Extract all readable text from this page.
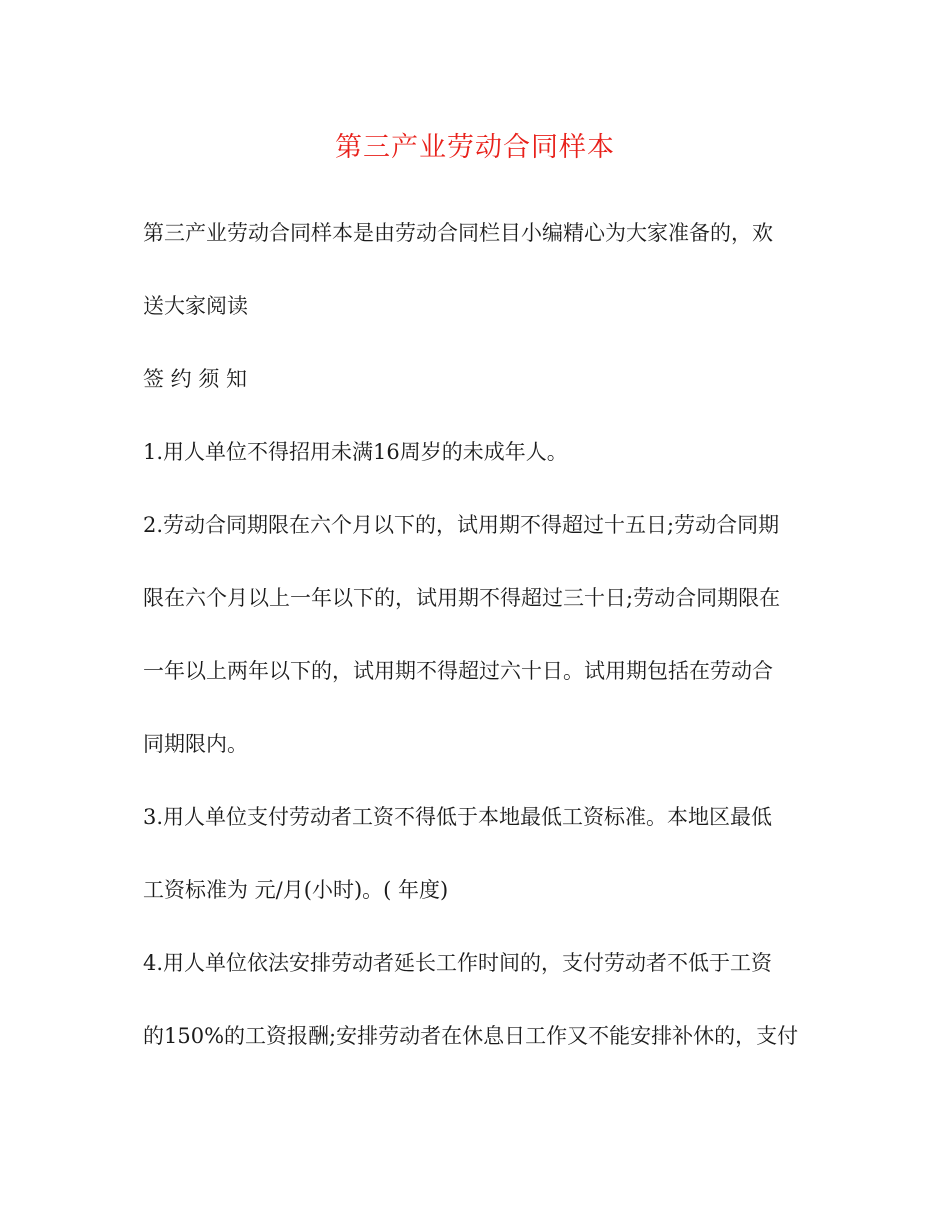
第三产业劳动合同样本
第三产业劳动合同样本是由劳动合同栏目小编精心为大家准备的，欢
送大家阅读
签 约 须 知
1.用人单位不得招用未满16周岁的未成年人。
2.劳动合同期限在六个月以下的，试用期不得超过十五日;劳动合同期
限在六个月以上一年以下的，试用期不得超过三十日;劳动合同期限在
一年以上两年以下的，试用期不得超过六十日。试用期包括在劳动合
同期限内。
3.用人单位支付劳动者工资不得低于本地最低工资标准。本地区最低
工资标准为 元/月(小时)。( 年度)
4.用人单位依法安排劳动者延长工作时间的，支付劳动者不低于工资
的150%的工资报酬;安排劳动者在休息日工作又不能安排补休的，支付
